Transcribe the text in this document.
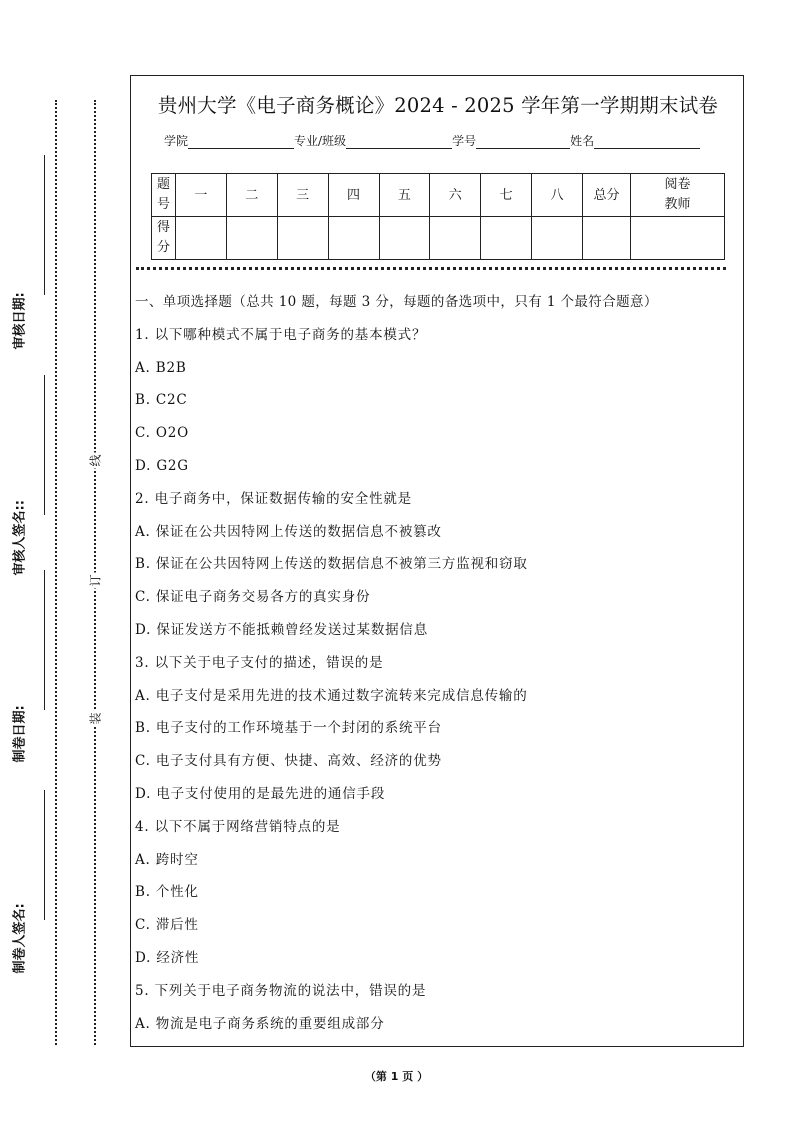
线
订
装
审核日期:
审核人签名::
制卷日期:
制卷人签名:
贵州大学《电子商务概论》2024 - 2025 学年第一学期期末试卷
学院	专业/班级	学号	姓名
题号	一	二	三	四	五	六	七	八	总分	阅卷教师
得分										
一、单项选择题（总共 10 题，每题 3 分，每题的备选项中，只有 1 个最符合题意）
1. 以下哪种模式不属于电子商务的基本模式？
A. B2B
B. C2C
C. O2O
D. G2G
2. 电子商务中，保证数据传输的安全性就是
A. 保证在公共因特网上传送的数据信息不被篡改
B. 保证在公共因特网上传送的数据信息不被第三方监视和窃取
C. 保证电子商务交易各方的真实身份
D. 保证发送方不能抵赖曾经发送过某数据信息
3. 以下关于电子支付的描述，错误的是
A. 电子支付是采用先进的技术通过数字流转来完成信息传输的
B. 电子支付的工作环境基于一个封闭的系统平台
C. 电子支付具有方便、快捷、高效、经济的优势
D. 电子支付使用的是最先进的通信手段
4. 以下不属于网络营销特点的是
A. 跨时空
B. 个性化
C. 滞后性
D. 经济性
5. 下列关于电子商务物流的说法中，错误的是
A. 物流是电子商务系统的重要组成部分
（第 1 页 ）
